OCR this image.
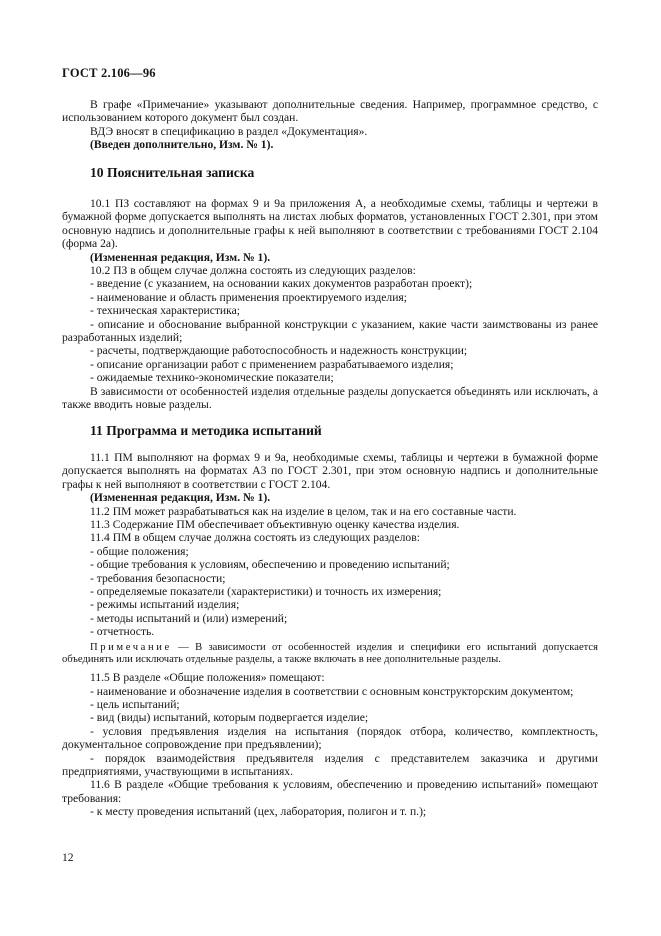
ГОСТ 2.106—96

В графе «Примечание» указывают дополнительные сведения. Например, программное средство, с использованием которого документ был создан.

ВДЭ вносят в спецификацию в раздел «Документация».

(Введен дополнительно, Изм. № 1).

10 Пояснительная записка

10.1 ПЗ составляют на формах 9 и 9а приложения А, а необходимые схемы, таблицы и чертежи в бумажной форме допускается выполнять на листах любых форматов, установленных ГОСТ 2.301, при этом основную надпись и дополнительные графы к ней выполняют в соответствии с требованиями ГОСТ 2.104 (форма 2а).

(Измененная редакция, Изм. № 1).

10.2 ПЗ в общем случае должна состоять из следующих разделов:

- введение (с указанием, на основании каких документов разработан проект);

- наименование и область применения проектируемого изделия;

- техническая характеристика;

- описание и обоснование выбранной конструкции с указанием, какие части заимствованы из ранее разработанных изделий;

- расчеты, подтверждающие работоспособность и надежность конструкции;

- описание организации работ с применением разрабатываемого изделия;

- ожидаемые технико-экономические показатели;

В зависимости от особенностей изделия отдельные разделы допускается объединять или исключать, а также вводить новые разделы.

11 Программа и методика испытаний

11.1 ПМ выполняют на формах 9 и 9а, необходимые схемы, таблицы и чертежи в бумажной форме допускается выполнять на форматах А3 по ГОСТ 2.301, при этом основную надпись и дополнительные графы к ней выполняют в соответствии с ГОСТ 2.104.

(Измененная редакция, Изм. № 1).

11.2 ПМ может разрабатываться как на изделие в целом, так и на его составные части.

11.3 Содержание ПМ обеспечивает объективную оценку качества изделия.

11.4 ПМ в общем случае должна состоять из следующих разделов:

- общие положения;

- общие требования к условиям, обеспечению и проведению испытаний;

- требования безопасности;

- определяемые показатели (характеристики) и точность их измерения;

- режимы испытаний изделия;

- методы испытаний и (или) измерений;

- отчетность.

Примечание — В зависимости от особенностей изделия и специфики его испытаний допускается объединять или исключать отдельные разделы, а также включать в нее дополнительные разделы.

11.5 В разделе «Общие положения» помещают:

- наименование и обозначение изделия в соответствии с основным конструкторским документом;

- цель испытаний;

- вид (виды) испытаний, которым подвергается изделие;

- условия предъявления изделия на испытания (порядок отбора, количество, комплектность, документальное сопровождение при предъявлении);

- порядок взаимодействия предъявителя изделия с представителем заказчика и другими предприятиями, участвующими в испытаниях.

11.6 В разделе «Общие требования к условиям, обеспечению и проведению испытаний» помещают требования:

- к месту проведения испытаний (цех, лаборатория, полигон и т. п.);

12
